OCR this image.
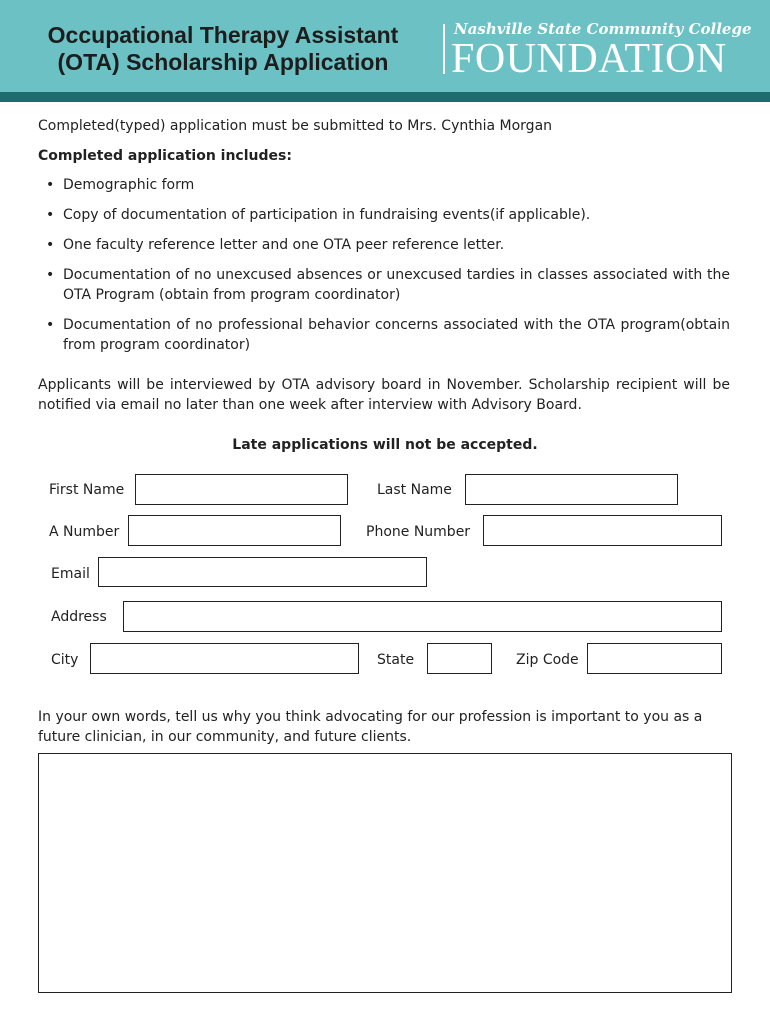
Occupational Therapy Assistant
(OTA) Scholarship Application
Nashville State Community College
FOUNDATION
Completed(typed) application must be submitted to Mrs. Cynthia Morgan
Completed application includes:
• Demographic form
• Copy of documentation of participation in fundraising events(if applicable).
• One faculty reference letter and one OTA peer reference letter.
• Documentation of no unexcused absences or unexcused tardies in classes associated with the OTA Program (obtain from program coordinator)
• Documentation of no professional behavior concerns associated with the OTA program(obtain from program coordinator)
Applicants will be interviewed by OTA advisory board in November. Scholarship recipient will be notified via email no later than one week after interview with Advisory Board.
Late applications will not be accepted.
First Name	Last Name
A Number	Phone Number
Email
Address
City	State	Zip Code
In your own words, tell us why you think advocating for our profession is important to you as a future clinician, in our community, and future clients.
